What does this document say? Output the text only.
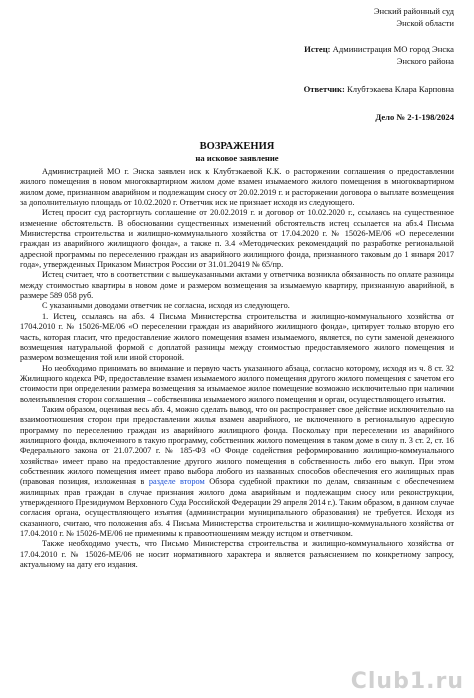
Энский районный суд
Энской области
Истец: Администрация МО город Энска
Энского района
Ответчик: Клубтэкаева Клара Карповна
Дело № 2-1-198/2024
ВОЗРАЖЕНИЯ
на исковое заявление

Администрацией МО г. Энска заявлен иск к Клубтэкаевой К.К. о расторжении соглашения о предоставлении жилого помещения в новом многоквартирном жилом доме взамен изымаемого жилого помещения в многоквартирном жилом доме, признанном аварийном и подлежащим сносу от 20.02.2019 г. и расторжении договора о выплате возмещения за дополнительную площадь от 10.02.2020 г. Ответчик иск не признает исходя из следующего.

Истец просит суд расторгнуть соглашение от 20.02.2019 г. и договор от 10.02.2020 г., ссылаясь на существенное изменение обстоятельств. В обосновании существенных изменений обстоятельств истец ссылается на абз.4 Письма Министерства строительства и жилищно-коммунального хозяйства от 17.04.2020 г. № 15026-МЕ/06 «О переселении граждан из аварийного жилищного фонда», а также п. 3.4 «Методических рекомендаций по разработке региональной адресной программы по переселению граждан из аварийного жилищного фонда, признанного таковым до 1 января 2017 года», утвержденных Приказом Минстроя России от 31.01.20419 № 65/пр.

Истец считает, что в соответствии с вышеуказанными актами у ответчика возникла обязанность по оплате разницы между стоимостью квартиры в новом доме и размером возмещения за изымаемую квартиру, признанную аварийной, в размере 589 058 руб.

С указанными доводами ответчик не согласна, исходя из следующего.

1. Истец, ссылаясь на абз. 4 Письма Министерства строительства и жилищно-коммунального хозяйства от 1704.2010 г. № 15026-МЕ/06 «О переселении граждан из аварийного жилищного фонда», цитирует только вторую его часть, которая гласит, что предоставление жилого помещения взамен изымаемого, является, по сути заменой денежного возмещения натуральной формой с доплатой разницы между стоимостью предоставляемого жилого помещения и размером возмещения той или иной стороной.

Но необходимо принимать во внимание и первую часть указанного абзаца, согласно которому, исходя из ч. 8 ст. 32 Жилищного кодекса РФ, предоставление взамен изымаемого жилого помещения другого жилого помещения с зачетом его стоимости при определении размера возмещения за изымаемое жилое помещение возможно исключительно при наличии волеизъявления сторон соглашения – собственника изымаемого жилого помещения и орган, осуществляющего изъятия.

Таким образом, оценивая весь абз. 4, можно сделать вывод, что он распространяет свое действие исключительно на взаимоотношения сторон при предоставлении жилья взамен аварийного, не включенного в региональную адресную программу по переселению граждан из аварийного жилищного фонда. Поскольку при переселении из аварийного жилищного фонда, включенного в такую программу, собственник жилого помещения в таком доме в силу п. 3 ст. 2, ст. 16 Федерального закона от 21.07.2007 г. № 185-ФЗ «О Фонде содействия реформированию жилищно-коммунального хозяйства» имеет право на предоставление другого жилого помещения в собственность либо его выкуп. При этом собственник жилого помещения имеет право выбора любого из названных способов обеспечения его жилищных прав (правовая позиция, изложенная в разделе втором Обзора судебной практики по делам, связанным с обеспечением жилищных прав граждан в случае признания жилого дома аварийным и подлежащим сносу или реконструкции, утвержденного Президиумом Верховного Суда Российской Федерации 29 апреля 2014 г.). Таким образом, в данном случае согласия органа, осуществляющего изъятия (администрации муниципального образования) не требуется. Исходя из сказанного, считаю, что положения абз. 4 Письма Министерства строительства и жилищно-коммунального хозяйства от 17.04.2010 г. № 15026-МЕ/06 не применимы к правоотношениям между истцом и ответчиком.

Также необходимо учесть, что Письмо Министерства строительства и жилищно-коммунального хозяйства от 17.04.2010 г. № 15026-МЕ/06 не носит нормативного характера и является разъяснением по конкретному запросу, актуальному на дату его издания.

Club1.ru
